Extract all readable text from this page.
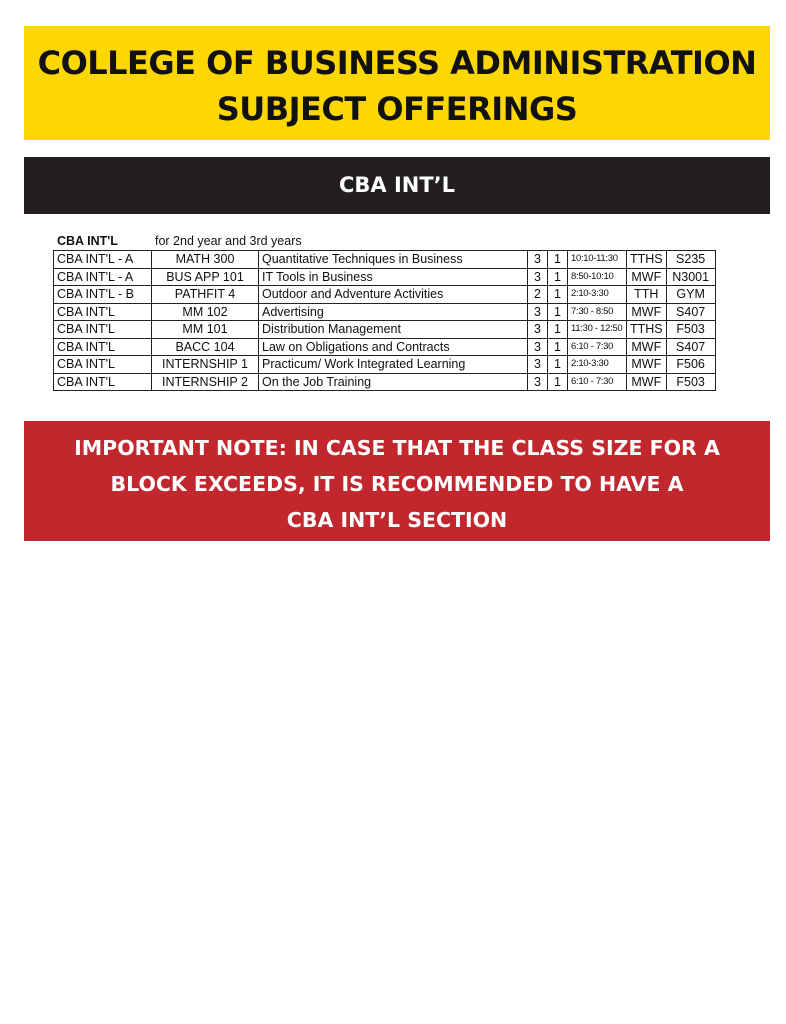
COLLEGE OF BUSINESS ADMINISTRATION
SUBJECT OFFERINGS
CBA INT’L
CBA INT'L	for 2nd year and 3rd years
CBA INT'L - A	MATH 300	Quantitative Techniques in Business	3	1	10:10-11:30	TTHS	S235
CBA INT'L - A	BUS APP 101	IT Tools in Business	3	1	8:50-10:10	MWF	N3001
CBA INT'L - B	PATHFIT 4	Outdoor and Adventure Activities	2	1	2:10-3:30	TTH	GYM
CBA INT'L	MM 102	Advertising	3	1	7:30 - 8:50	MWF	S407
CBA INT'L	MM 101	Distribution Management	3	1	11:30 - 12:50	TTHS	F503
CBA INT'L	BACC 104	Law on Obligations and Contracts	3	1	6:10 - 7:30	MWF	S407
CBA INT'L	INTERNSHIP 1	Practicum/ Work Integrated Learning	3	1	2:10-3:30	MWF	F506
CBA INT'L	INTERNSHIP 2	On the Job Training	3	1	6:10 - 7:30	MWF	F503
IMPORTANT NOTE: IN CASE THAT THE CLASS SIZE FOR A
BLOCK EXCEEDS, IT IS RECOMMENDED TO HAVE A
CBA INT’L SECTION
